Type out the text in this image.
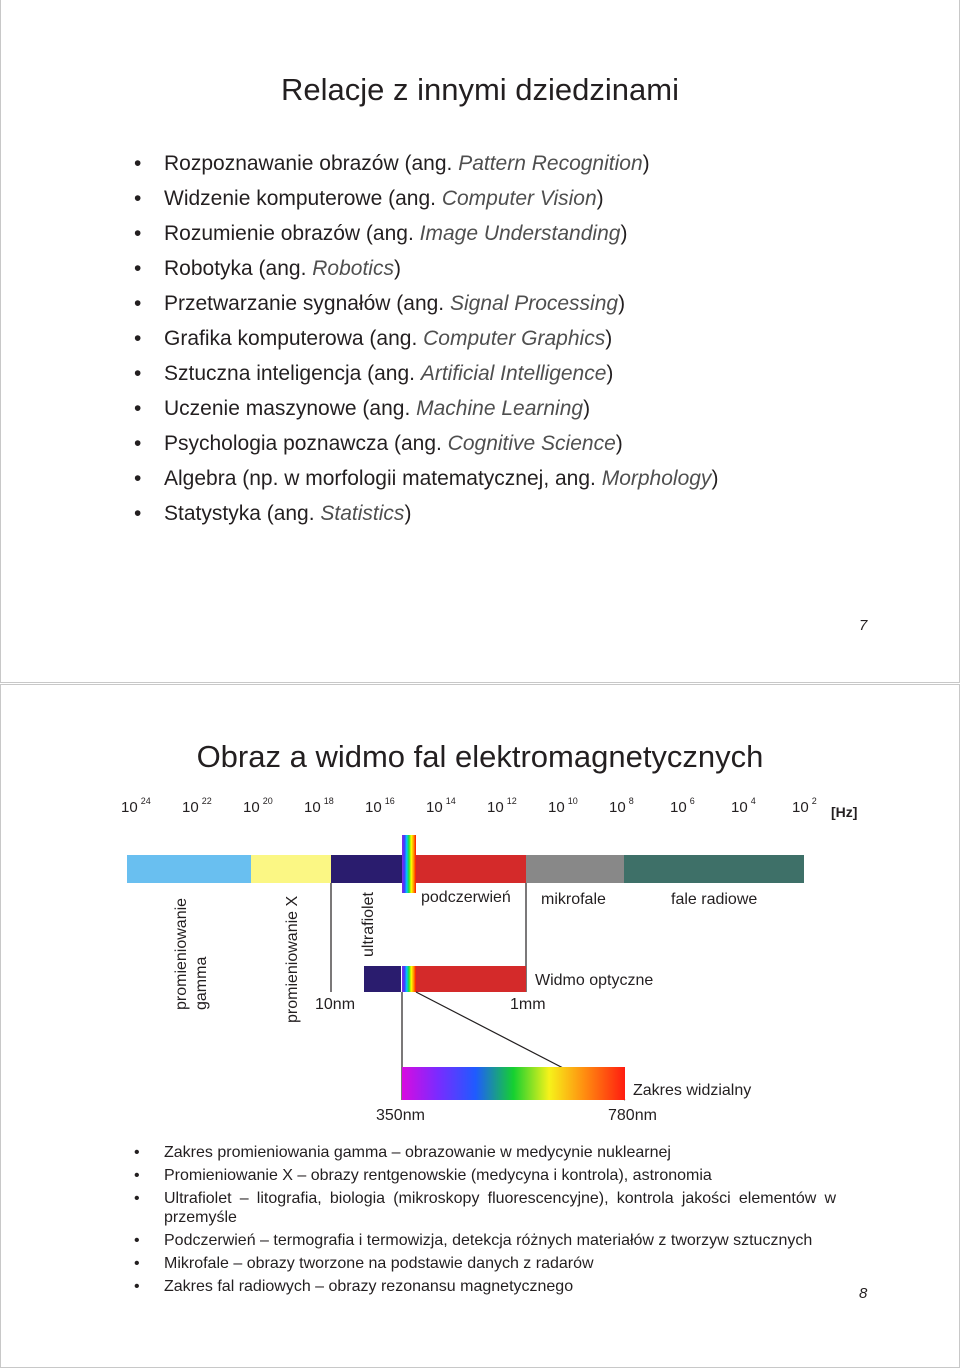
Relacje z innymi dziedzinami
• Rozpoznawanie obrazów (ang. Pattern Recognition)
• Widzenie komputerowe (ang. Computer Vision)
• Rozumienie obrazów (ang. Image Understanding)
• Robotyka (ang. Robotics)
• Przetwarzanie sygnałów (ang. Signal Processing)
• Grafika komputerowa (ang. Computer Graphics)
• Sztuczna inteligencja (ang. Artificial Intelligence)
• Uczenie maszynowe (ang. Machine Learning)
• Psychologia poznawcza (ang. Cognitive Science)
• Algebra (np. w morfologii matematycznej, ang. Morphology)
• Statystyka (ang. Statistics)
7
Obraz a widmo fal elektromagnetycznych
10 $^{24}$ 10 $^{22}$ 10 $^{20}$ 10 $^{18}$ 10 $^{16}$ 10 $^{14}$ 10 $^{12}$ 10 $^{10}$ 10 $^8$ 10 $^6$ 10 $^4$ 10 $^2$
[Hz]
promieniowanie gamma	promieniowanie X	ultrafiolet	podczerwień mikrofale	fale radiowe
Widmo optyczne
10nm	1mm
Zakres widzialny
350nm	780nm
• Zakres promieniowania gamma – obrazowanie w medycynie nuklearnej
• Promieniowanie X – obrazy rentgenowskie (medycyna i kontrola), astronomia
• Ultrafiolet – litografia, biologia (mikroskopy fluorescencyjne), kontrola jakości elementów w przemyśle
• Podczerwień – termografia i termowizja, detekcja różnych materiałów z tworzyw sztucznych
• Mikrofale – obrazy tworzone na podstawie danych z radarów
• Zakres fal radiowych – obrazy rezonansu magnetycznego	8
